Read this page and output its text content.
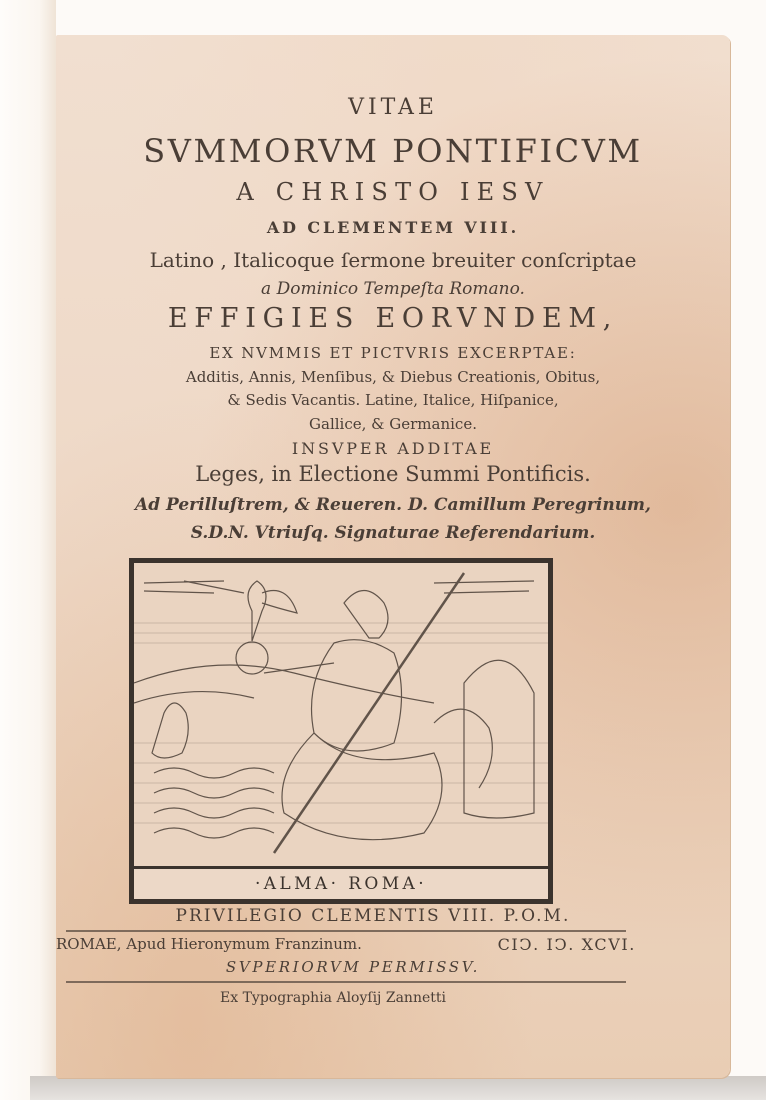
VITAE
SVMMORVM PONTIFICVM
A CHRISTO IESV
AD CLEMENTEM VIII.
Latino , Italicoque ſermone breuiter conſcriptae
a Dominico Tempeſta Romano.
EFFIGIES EORVNDEM,
EX NVMMIS ET PICTVRIS EXCERPTAE:
Additis, Annis, Menſibus, & Diebus Creationis, Obitus,
& Sedis Vacantis. Latine, Italice, Hiſpanice,
Gallice, & Germanice.
INSVPER ADDITAE
Leges, in Electione Summi Pontificis.
Ad Perilluſtrem, & Reueren. D. Camillum Peregrinum,
S.D.N. Vtriuſq. Signaturae Referendarium.
·ALMA· ROMA·
PRIVILEGIO CLEMENTIS VIII. P.O.M.
ROMAE, Apud Hieronymum Franzinum.	CIↃ. IↃ. XCVI.
SVPERIORVM PERMISSV.
Ex Typographia Aloyſij Zannetti
